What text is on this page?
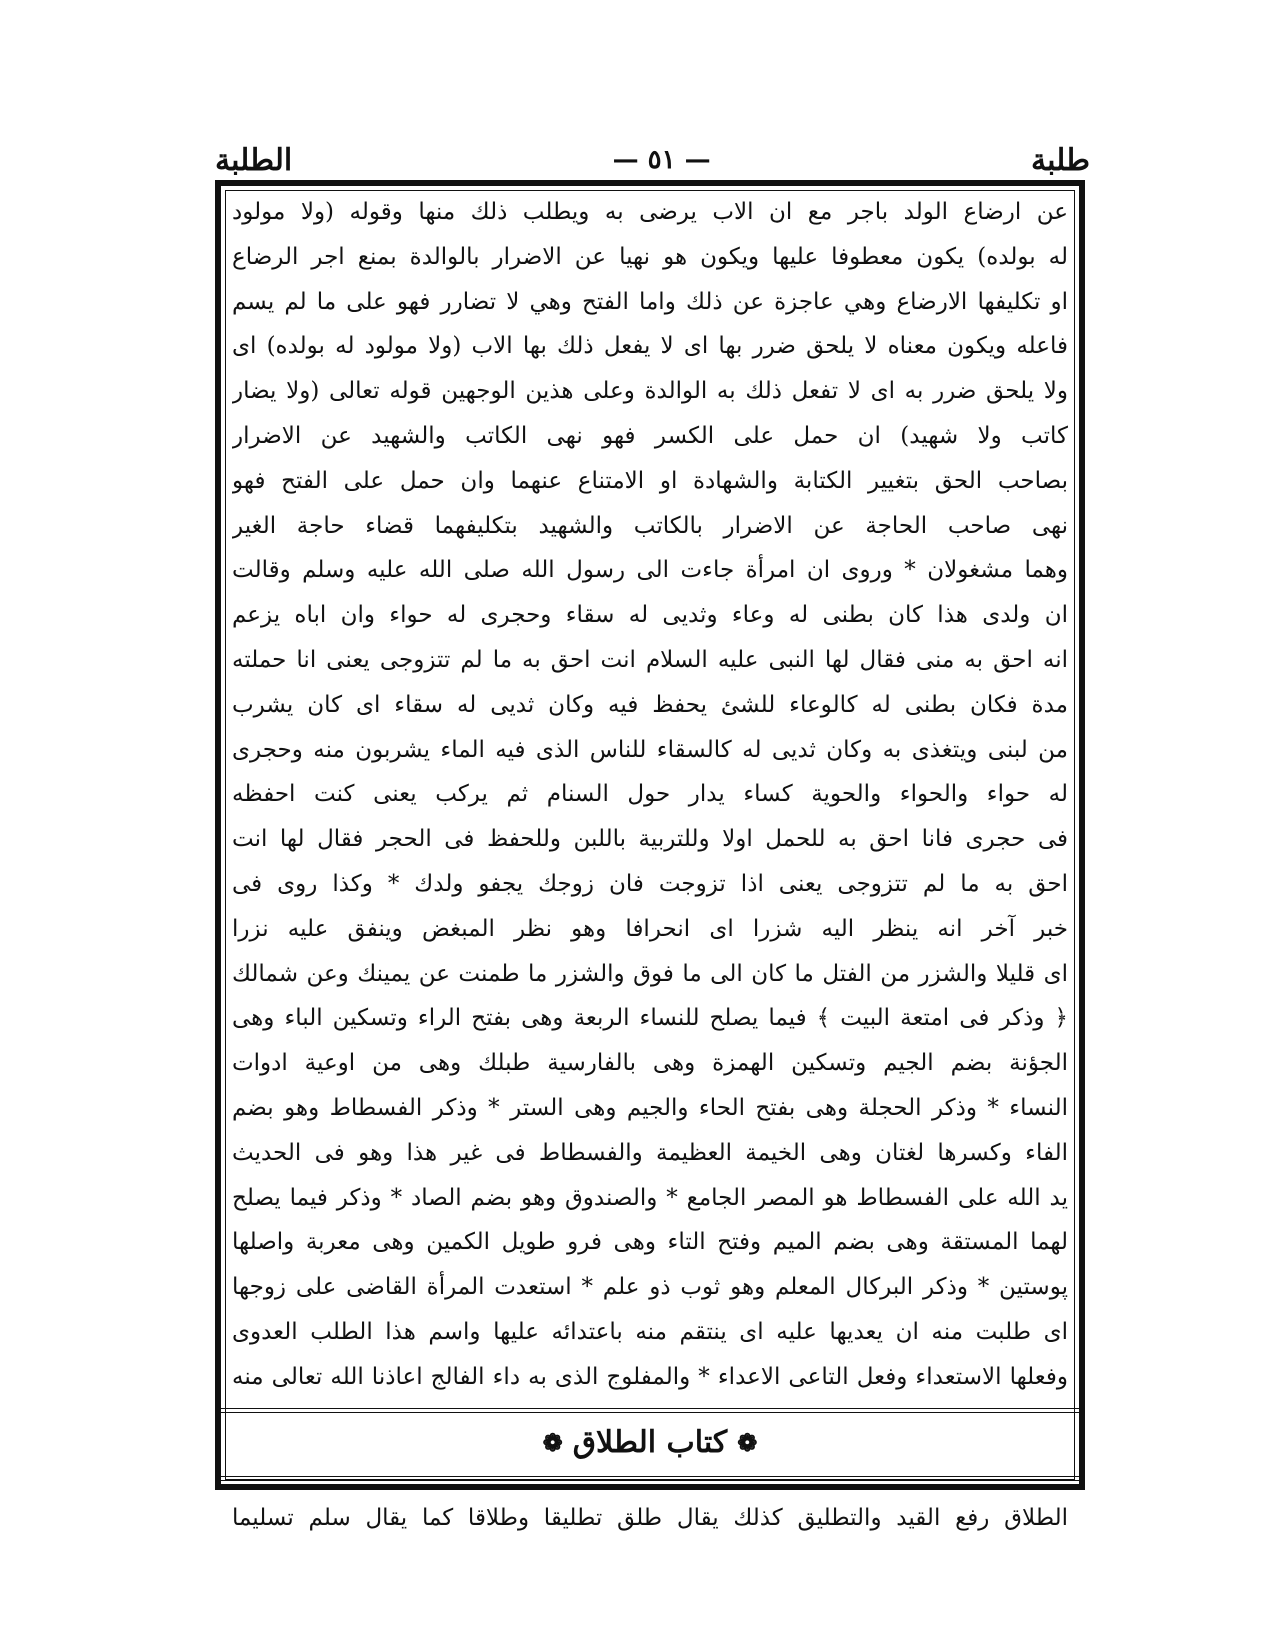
طلبة
— ٥١ —
الطلبة
عن ارضاع الولد باجر مع ان الاب يرضى به ويطلب ذلك منها وقوله (ولا مولود
له بولده) يكون معطوفا عليها ويكون هو نهيا عن الاضرار بالوالدة بمنع اجر الرضاع
او تكليفها الارضاع وهي عاجزة عن ذلك واما الفتح وهي لا تضارر فهو على ما لم يسم
فاعله ويكون معناه لا يلحق ضرر بها اى لا يفعل ذلك بها الاب (ولا مولود له بولده) اى
ولا يلحق ضرر به اى لا تفعل ذلك به الوالدة وعلى هذين الوجهين قوله تعالى (ولا يضار
كاتب ولا شهيد) ان حمل على الكسر فهو نهى الكاتب والشهيد عن الاضرار
بصاحب الحق بتغيير الكتابة والشهادة او الامتناع عنهما وان حمل على الفتح فهو
نهى صاحب الحاجة عن الاضرار بالكاتب والشهيد بتكليفهما قضاء حاجة الغير
وهما مشغولان * وروى ان امرأة جاءت الى رسول الله صلى الله عليه وسلم وقالت
ان ولدى هذا كان بطنى له وعاء وثديى له سقاء وحجرى له حواء وان اباه يزعم
انه احق به منى فقال لها النبى عليه السلام انت احق به ما لم تتزوجى يعنى انا حملته
مدة فكان بطنى له كالوعاء للشئ يحفظ فيه وكان ثديى له سقاء اى كان يشرب
من لبنى ويتغذى به وكان ثديى له كالسقاء للناس الذى فيه الماء يشربون منه وحجرى
له حواء والحواء والحوية كساء يدار حول السنام ثم يركب يعنى كنت احفظه
فى حجرى فانا احق به للحمل اولا وللتربية باللبن وللحفظ فى الحجر فقال لها انت
احق به ما لم تتزوجى يعنى اذا تزوجت فان زوجك يجفو ولدك * وكذا روى فى
خبر آخر انه ينظر اليه شزرا اى انحرافا وهو نظر المبغض وينفق عليه نزرا
اى قليلا والشزر من الفتل ما كان الى ما فوق والشزر ما طمنت عن يمينك وعن شمالك
﴿ وذكر فى امتعة البيت ﴾ فيما يصلح للنساء الربعة وهى بفتح الراء وتسكين الباء وهى
الجؤنة بضم الجيم وتسكين الهمزة وهى بالفارسية طبلك وهى من اوعية ادوات
النساء * وذكر الحجلة وهى بفتح الحاء والجيم وهى الستر * وذكر الفسطاط وهو بضم
الفاء وكسرها لغتان وهى الخيمة العظيمة والفسطاط فى غير هذا وهو فى الحديث
يد الله على الفسطاط هو المصر الجامع * والصندوق وهو بضم الصاد * وذكر فيما يصلح
لهما المستقة وهى بضم الميم وفتح التاء وهى فرو طويل الكمين وهى معربة واصلها
پوستين * وذكر البركال المعلم وهو ثوب ذو علم * استعدت المرأة القاضى على زوجها
اى طلبت منه ان يعديها عليه اى ينتقم منه باعتدائه عليها واسم هذا الطلب العدوى
وفعلها الاستعداء وفعل التاعى الاعداء * والمفلوج الذى به داء الفالج اعاذنا الله تعالى منه
❁
كتاب الطلاق
❁
الطلاق رفع القيد والتطليق كذلك يقال طلق تطليقا وطلاقا كما يقال سلم تسليما
